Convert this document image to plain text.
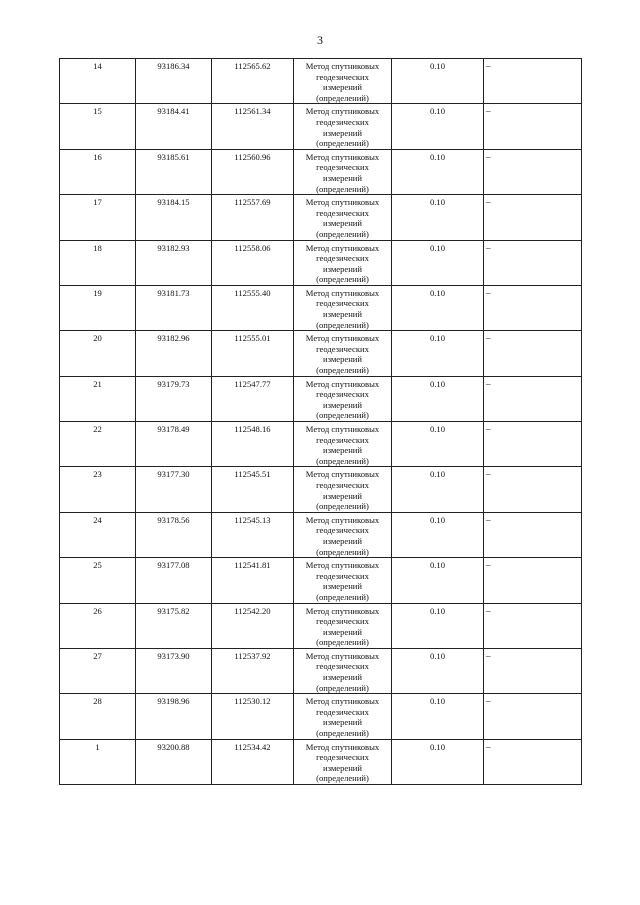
3
14	93186.34	112565.62	Метод спутниковых геодезических измерений (определений)	0.10	–
15	93184.41	112561.34	Метод спутниковых геодезических измерений (определений)	0.10	–
16	93185.61	112560.96	Метод спутниковых геодезических измерений (определений)	0.10	–
17	93184.15	112557.69	Метод спутниковых геодезических измерений (определений)	0.10	–
18	93182.93	112558.06	Метод спутниковых геодезических измерений (определений)	0.10	–
19	93181.73	112555.40	Метод спутниковых геодезических измерений (определений)	0.10	–
20	93182.96	112555.01	Метод спутниковых геодезических измерений (определений)	0.10	–
21	93179.73	112547.77	Метод спутниковых геодезических измерений (определений)	0.10	–
22	93178.49	112548.16	Метод спутниковых геодезических измерений (определений)	0.10	–
23	93177.30	112545.51	Метод спутниковых геодезических измерений (определений)	0.10	–
24	93178.56	112545.13	Метод спутниковых геодезических измерений (определений)	0.10	–
25	93177.08	112541.81	Метод спутниковых геодезических измерений (определений)	0.10	–
26	93175.82	112542.20	Метод спутниковых геодезических измерений (определений)	0.10	–
27	93173.90	112537.92	Метод спутниковых геодезических измерений (определений)	0.10	–
28	93198.96	112530.12	Метод спутниковых геодезических измерений (определений)	0.10	–
1	93200.88	112534.42	Метод спутниковых геодезических измерений (определений)	0.10	–
